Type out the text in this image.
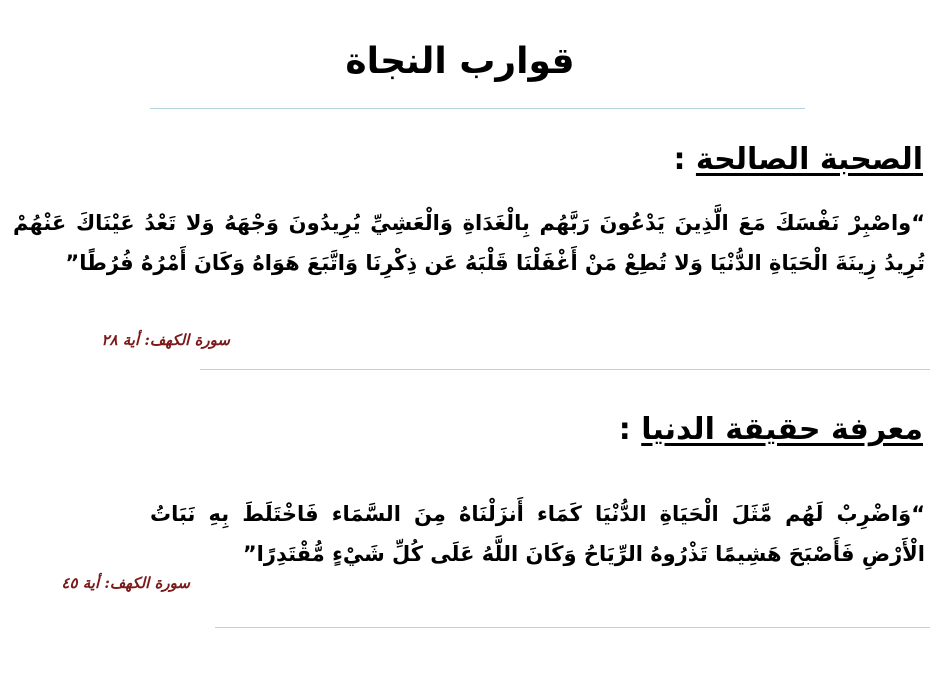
قوارب النجاة
الصحبة الصالحة :
“واصْبِرْ نَفْسَكَ مَعَ الَّذِينَ يَدْعُونَ رَبَّهُم بِالْغَدَاةِ وَالْعَشِيِّ يُرِيدُونَ وَجْهَهُ وَلا تَعْدُ عَيْنَاكَ عَنْهُمْ تُرِيدُ زِينَةَ الْحَيَاةِ الدُّنْيَا وَلا تُطِعْ مَنْ أَغْفَلْنَا قَلْبَهُ عَن ذِكْرِنَا وَاتَّبَعَ هَوَاهُ وَكَانَ أَمْرُهُ فُرُطًا”
سورة الكهف: أية ٢٨
معرفة حقيقة الدنيا :
“وَاضْرِبْ لَهُم مَّثَلَ الْحَيَاةِ الدُّنْيَا كَمَاء أَنزَلْنَاهُ مِنَ السَّمَاء فَاخْتَلَطَ بِهِ نَبَاتُ الْأَرْضِ فَأَصْبَحَ هَشِيمًا تَذْرُوهُ الرِّيَاحُ وَكَانَ اللَّهُ عَلَى كُلِّ شَيْءٍ مُّقْتَدِرًا”
سورة الكهف: أية ٤٥
